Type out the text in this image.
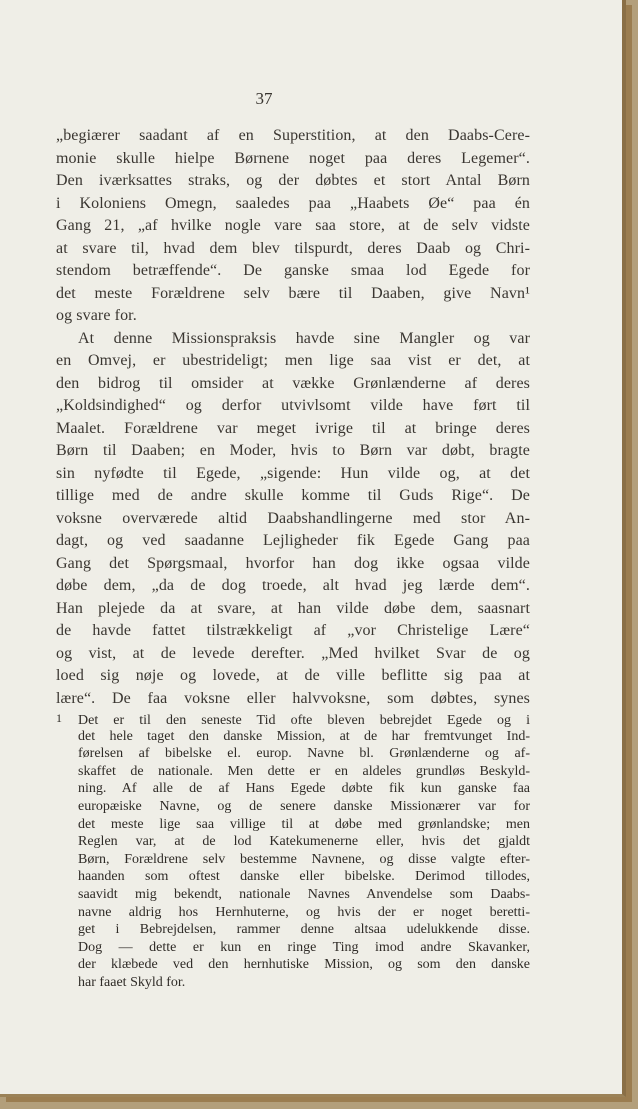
37
„begiærer saadant af en Superstition, at den Daabs-Cere-
monie skulle hielpe Børnene noget paa deres Legemer“.
Den iværksattes straks, og der døbtes et stort Antal Børn
i Koloniens Omegn, saaledes paa „Haabets Øe“ paa én
Gang 21, „af hvilke nogle vare saa store, at de selv vidste
at svare til, hvad dem blev tilspurdt, deres Daab og Chri-
stendom betræffende“. De ganske smaa lod Egede for
det meste Forældrene selv bære til Daaben, give Navn¹
og svare for.
At denne Missionspraksis havde sine Mangler og var
en Omvej, er ubestrideligt; men lige saa vist er det, at
den bidrog til omsider at vække Grønlænderne af deres
„Koldsindighed“ og derfor utvivlsomt vilde have ført til
Maalet. Forældrene var meget ivrige til at bringe deres
Børn til Daaben; en Moder, hvis to Børn var døbt, bragte
sin nyfødte til Egede, „sigende: Hun vilde og, at det
tillige med de andre skulle komme til Guds Rige“. De
voksne overværede altid Daabshandlingerne med stor An-
dagt, og ved saadanne Lejligheder fik Egede Gang paa
Gang det Spørgsmaal, hvorfor han dog ikke ogsaa vilde
døbe dem, „da de dog troede, alt hvad jeg lærde dem“.
Han plejede da at svare, at han vilde døbe dem, saasnart
de havde fattet tilstrækkeligt af „vor Christelige Lære“
og vist, at de levede derefter. „Med hvilket Svar de og
loed sig nøje og lovede, at de ville beflitte sig paa at
lære“. De faa voksne eller halvvoksne, som døbtes, synes
1 Det er til den seneste Tid ofte bleven bebrejdet Egede og i
det hele taget den danske Mission, at de har fremtvunget Ind-
førelsen af bibelske el. europ. Navne bl. Grønlænderne og af-
skaffet de nationale. Men dette er en aldeles grundløs Beskyld-
ning. Af alle de af Hans Egede døbte fik kun ganske faa
europæiske Navne, og de senere danske Missionærer var for
det meste lige saa villige til at døbe med grønlandske; men
Reglen var, at de lod Katekumenerne eller, hvis det gjaldt
Børn, Forældrene selv bestemme Navnene, og disse valgte efter-
haanden som oftest danske eller bibelske. Derimod tillodes,
saavidt mig bekendt, nationale Navnes Anvendelse som Daabs-
navne aldrig hos Hernhuterne, og hvis der er noget beretti-
get i Bebrejdelsen, rammer denne altsaa udelukkende disse.
Dog — dette er kun en ringe Ting imod andre Skavanker,
der klæbede ved den hernhutiske Mission, og som den danske
har faaet Skyld for.
